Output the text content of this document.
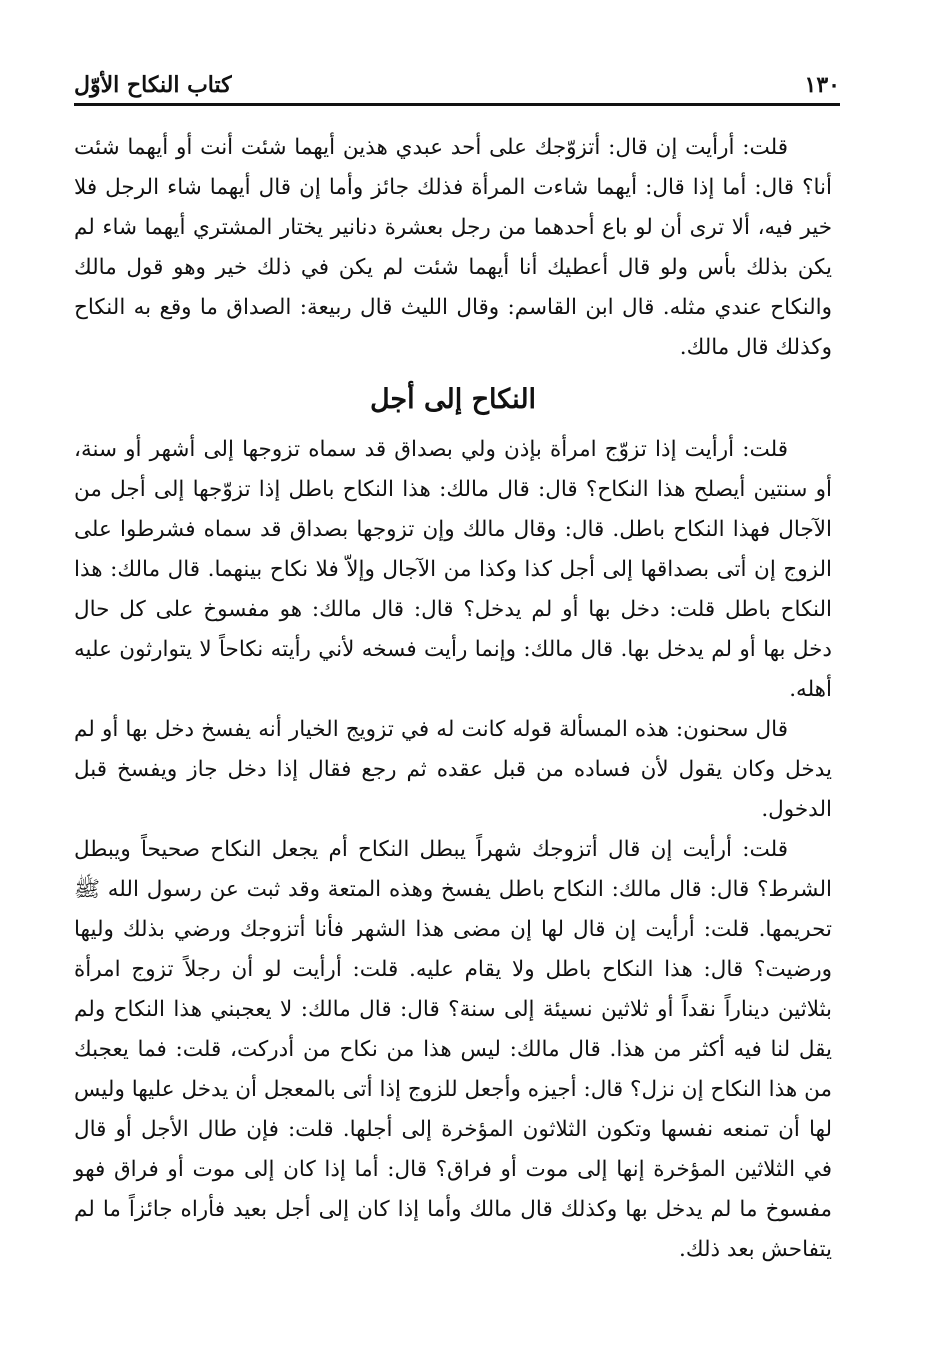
١٣٠
كتاب النكاح الأوّل

قلت: أرأيت إن قال: أتزوّجك على أحد عبدي هذين أيهما شئت أنت أو أيهما شئت أنا؟ قال: أما إذا قال: أيهما شاءت المرأة فذلك جائز وأما إن قال أيهما شاء الرجل فلا خير فيه، ألا ترى أن لو باع أحدهما من رجل بعشرة دنانير يختار المشتري أيهما شاء لم يكن بذلك بأس ولو قال أعطيك أنا أيهما شئت لم يكن في ذلك خير وهو قول مالك والنكاح عندي مثله. قال ابن القاسم: وقال الليث قال ربيعة: الصداق ما وقع به النكاح وكذلك قال مالك.

النكاح إلى أجل

قلت: أرأيت إذا تزوّج امرأة بإذن ولي بصداق قد سماه تزوجها إلى أشهر أو سنة، أو سنتين أيصلح هذا النكاح؟ قال: قال مالك: هذا النكاح باطل إذا تزوّجها إلى أجل من الآجال فهذا النكاح باطل. قال: وقال مالك وإن تزوجها بصداق قد سماه فشرطوا على الزوج إن أتى بصداقها إلى أجل كذا وكذا من الآجال وإلاّ فلا نكاح بينهما. قال مالك: هذا النكاح باطل قلت: دخل بها أو لم يدخل؟ قال: قال مالك: هو مفسوخ على كل حال دخل بها أو لم يدخل بها. قال مالك: وإنما رأيت فسخه لأني رأيته نكاحاً لا يتوارثون عليه أهله.

قال سحنون: هذه المسألة قوله كانت له في تزويج الخيار أنه يفسخ دخل بها أو لم يدخل وكان يقول لأن فساده من قبل عقده ثم رجع فقال إذا دخل جاز ويفسخ قبل الدخول.

قلت: أرأيت إن قال أتزوجك شهراً يبطل النكاح أم يجعل النكاح صحيحاً ويبطل الشرط؟ قال: قال مالك: النكاح باطل يفسخ وهذه المتعة وقد ثبت عن رسول الله ﷺ تحريمها. قلت: أرأيت إن قال لها إن مضى هذا الشهر فأنا أتزوجك ورضي بذلك وليها ورضيت؟ قال: هذا النكاح باطل ولا يقام عليه. قلت: أرأيت لو أن رجلاً تزوج امرأة بثلاثين ديناراً نقداً أو ثلاثين نسيئة إلى سنة؟ قال: قال مالك: لا يعجبني هذا النكاح ولم يقل لنا فيه أكثر من هذا. قال مالك: ليس هذا من نكاح من أدركت، قلت: فما يعجبك من هذا النكاح إن نزل؟ قال: أجيزه وأجعل للزوج إذا أتى بالمعجل أن يدخل عليها وليس لها أن تمنعه نفسها وتكون الثلاثون المؤخرة إلى أجلها. قلت: فإن طال الأجل أو قال في الثلاثين المؤخرة إنها إلى موت أو فراق؟ قال: أما إذا كان إلى موت أو فراق فهو مفسوخ ما لم يدخل بها وكذلك قال مالك وأما إذا كان إلى أجل بعيد فأراه جائزاً ما لم يتفاحش بعد ذلك.
